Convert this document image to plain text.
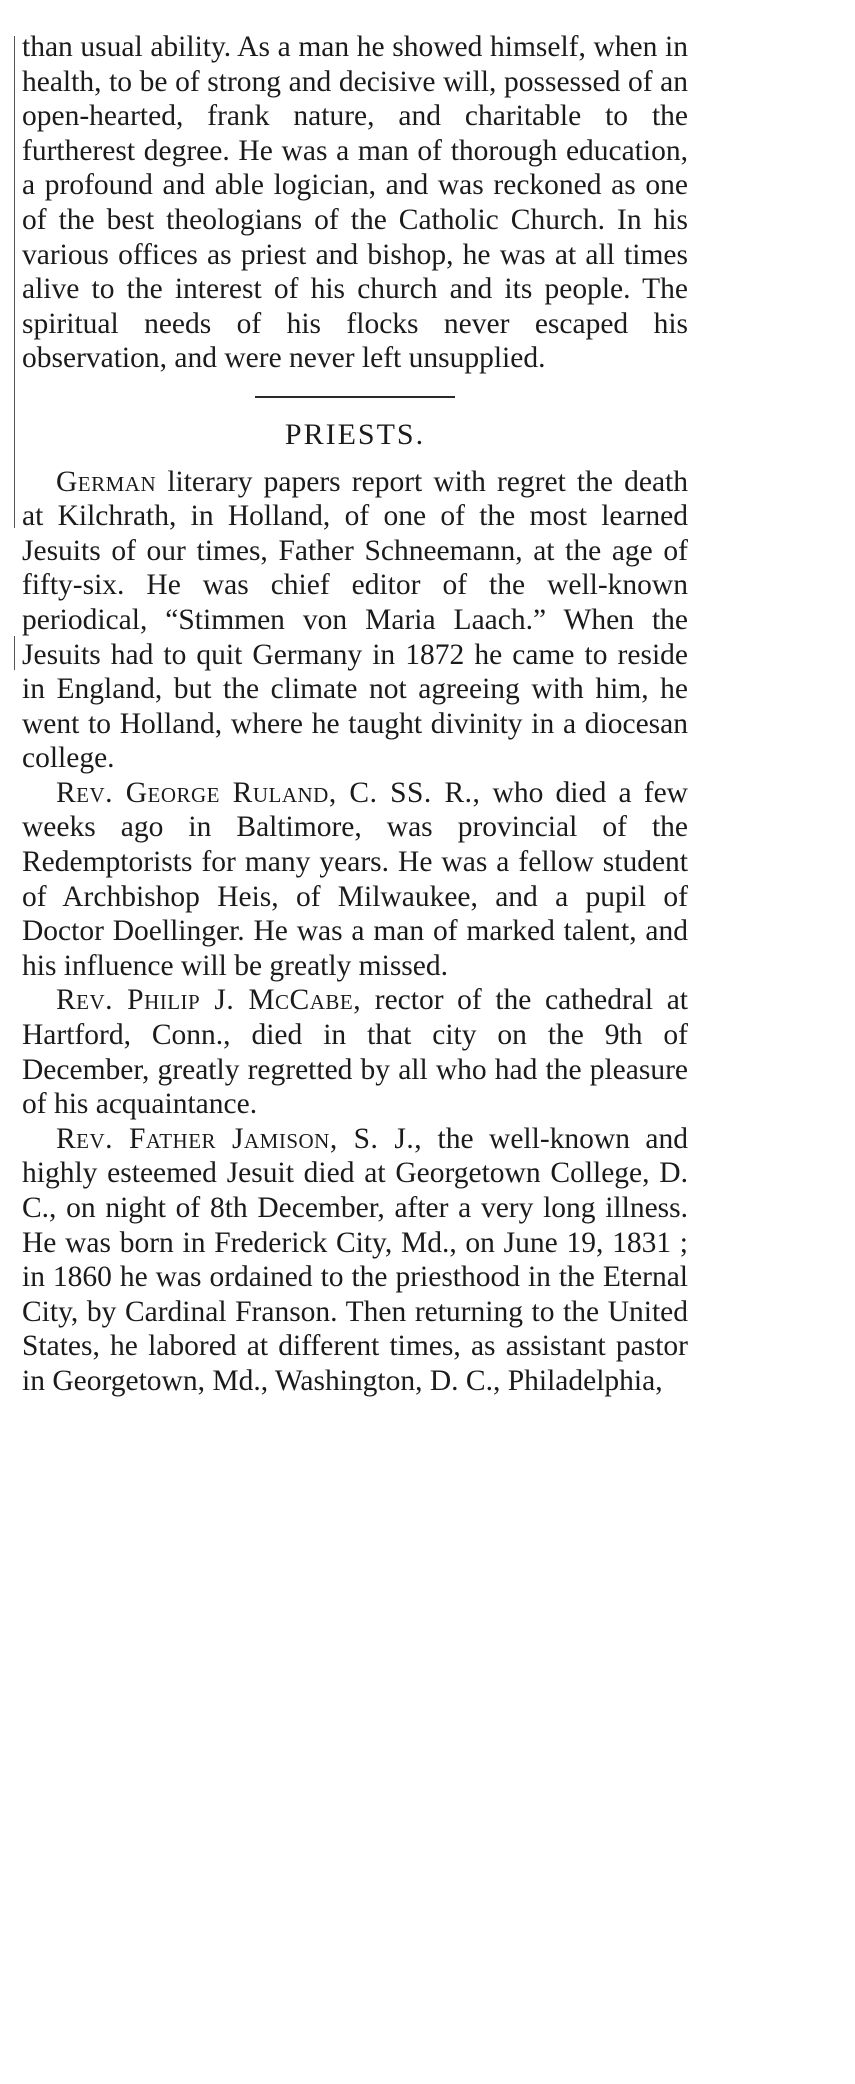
than usual ability. As a man he showed himself, when in health, to be of strong and decisive will, possessed of an open-hearted, frank nature, and charitable to the furtherest degree. He was a man of thorough education, a profound and able logician, and was reckoned as one of the best theologians of the Catholic Church. In his various offices as priest and bishop, he was at all times alive to the interest of his church and its people. The spiritual needs of his flocks never escaped his observation, and were never left unsupplied.

PRIESTS.

German literary papers report with regret the death at Kilchrath, in Holland, of one of the most learned Jesuits of our times, Father Schneemann, at the age of fifty-six. He was chief editor of the well-known periodical, “Stimmen von Maria Laach.” When the Jesuits had to quit Germany in 1872 he came to reside in England, but the climate not agreeing with him, he went to Holland, where he taught divinity in a diocesan college.

Rev. George Ruland, C. SS. R., who died a few weeks ago in Baltimore, was provincial of the Redemptorists for many years. He was a fellow student of Archbishop Heis, of Milwaukee, and a pupil of Doctor Doellinger. He was a man of marked talent, and his influence will be greatly missed.

Rev. Philip J. McCabe, rector of the cathedral at Hartford, Conn., died in that city on the 9th of December, greatly regretted by all who had the pleasure of his acquaintance.

Rev. Father Jamison, S. J., the well-known and highly esteemed Jesuit died at Georgetown College, D. C., on night of 8th December, after a very long illness. He was born in Frederick City, Md., on June 19, 1831 ; in 1860 he was ordained to the priesthood in the Eternal City, by Cardinal Franson. Then returning to the United States, he labored at different times, as assistant pastor in Georgetown, Md., Washington, D. C., Philadelphia,
